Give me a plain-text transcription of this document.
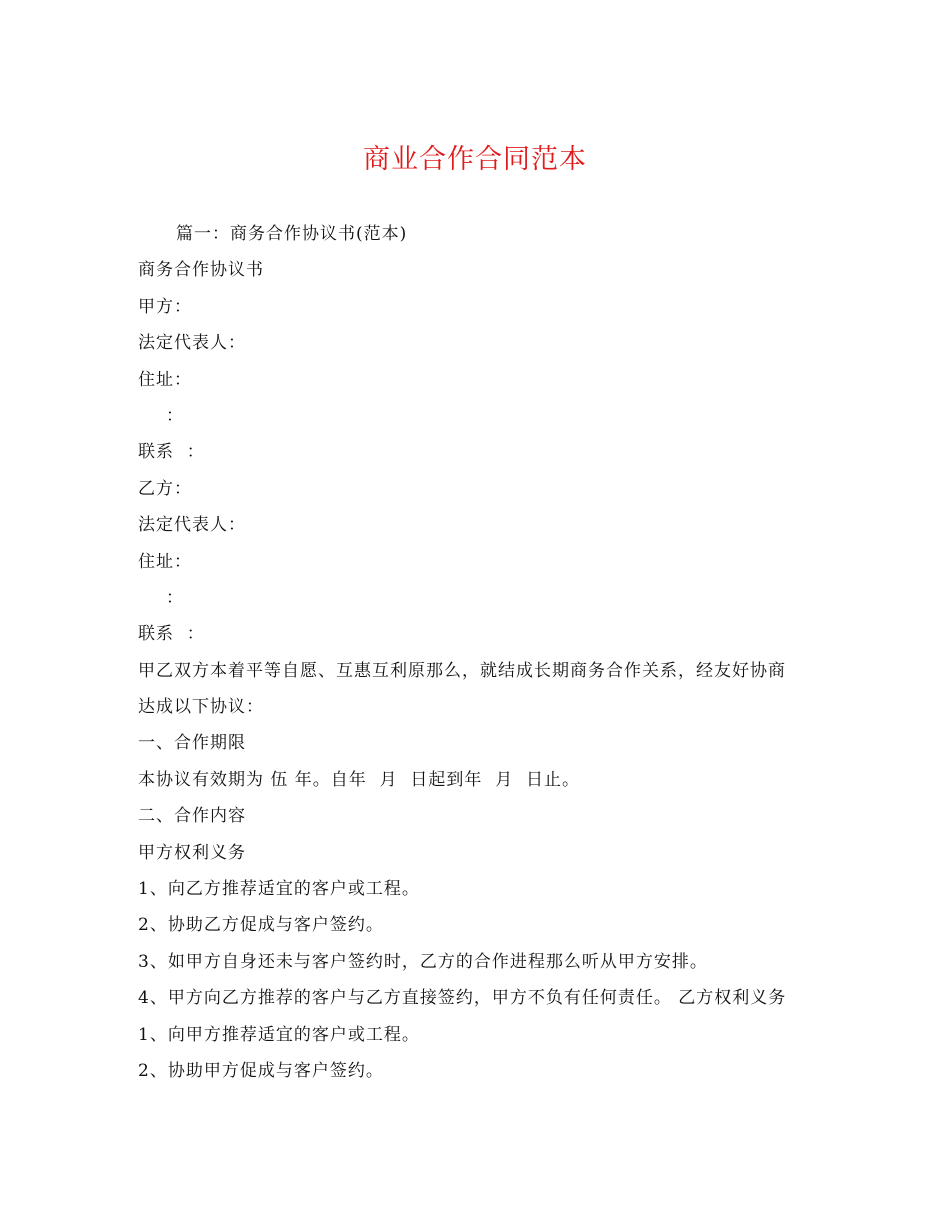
商业合作合同范本
篇一：商务合作协议书(范本)
商务合作协议书
甲方：
法定代表人：
住址：
：
联系  ：
乙方：
法定代表人：
住址：
：
联系  ：
甲乙双方本着平等自愿、互惠互利原那么，就结成长期商务合作关系，经友好协商
达成以下协议：
一、合作期限
本协议有效期为 伍 年。自年  月  日起到年  月  日止。
二、合作内容
甲方权利义务
1、向乙方推荐适宜的客户或工程。
2、协助乙方促成与客户签约。
3、如甲方自身还未与客户签约时，乙方的合作进程那么听从甲方安排。
4、甲方向乙方推荐的客户与乙方直接签约，甲方不负有任何责任。 乙方权利义务
1、向甲方推荐适宜的客户或工程。
2、协助甲方促成与客户签约。
